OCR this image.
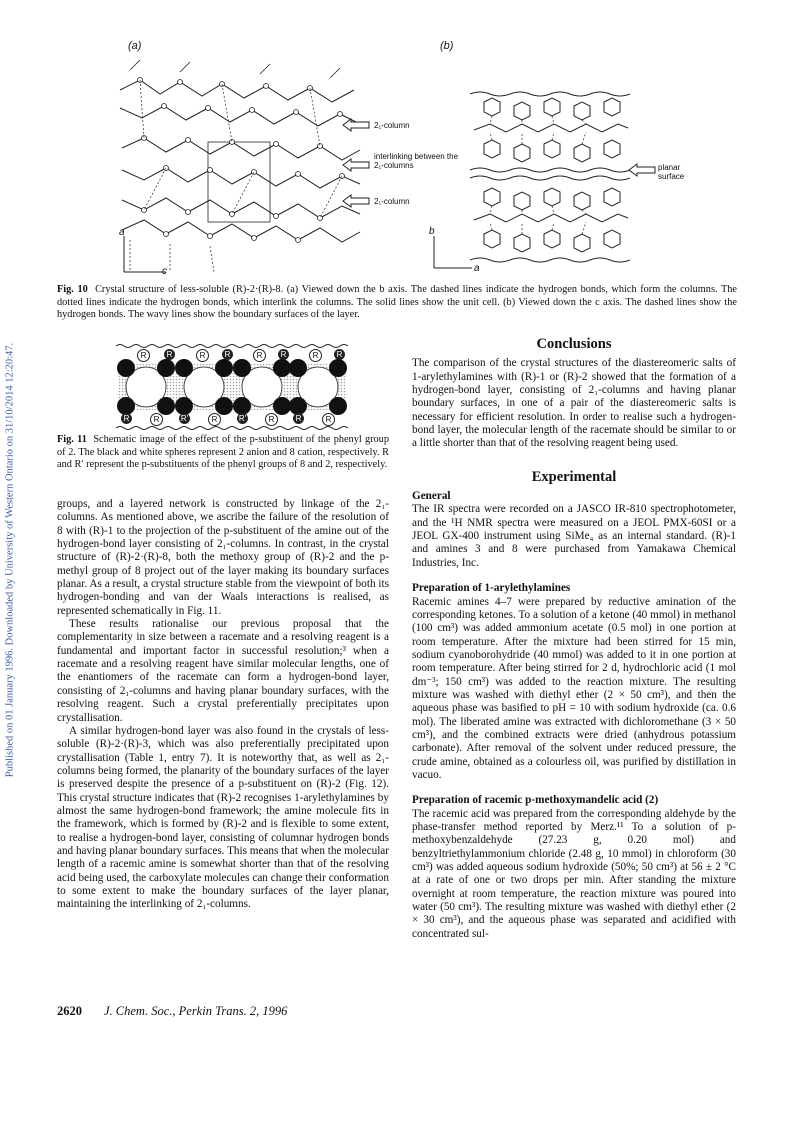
Published on 01 January 1996. Downloaded by University of Western Ontario on 31/10/2014 12:20:47.
(a)	(b)
a
c
2₁-column
interlinking between the 2₁-columns
2₁-column
planar surface
b
a
Fig. 10 Crystal structure of less-soluble (R)-2·(R)-8. (a) Viewed down the b axis. The dashed lines indicate the hydrogen bonds, which form the columns. The dotted lines indicate the hydrogen bonds, which interlink the columns. The solid lines show the unit cell. (b) Viewed down the c axis. The dashed lines show the hydrogen bonds. The wavy lines show the boundary surfaces of the layer.
R	R	R	R	R	R	R	R
R	R	R'	R	R'	R	R	R
Fig. 11 Schematic image of the effect of the p-substituent of the phenyl group of 2. The black and white spheres represent 2 anion and 8 cation, respectively. R and R′ represent the p-substituents of the phenyl groups of 8 and 2, respectively.

groups, and a layered network is constructed by linkage of the 2₁-columns. As mentioned above, we ascribe the failure of the resolution of 8 with (R)-1 to the projection of the p-substituent of the amine out of the hydrogen-bond layer consisting of 2₁-columns. In contrast, in the crystal structure of (R)-2·(R)-8, both the methoxy group of (R)-2 and the p-methyl group of 8 project out of the layer making its boundary surfaces planar. As a result, a crystal structure stable from the viewpoint of both its hydrogen-bonding and van der Waals interactions is realised, as represented schematically in Fig. 11.

These results rationalise our previous proposal that the complementarity in size between a racemate and a resolving reagent is a fundamental and important factor in successful resolution;³ when a racemate and a resolving reagent have similar molecular lengths, one of the enantiomers of the racemate can form a hydrogen-bond layer, consisting of 2₁-columns and having planar boundary surfaces, with the resolving reagent. Such a crystal preferentially precipitates upon crystallisation.

A similar hydrogen-bond layer was also found in the crystals of less-soluble (R)-2·(R)-3, which was also preferentially precipitated upon crystallisation (Table 1, entry 7). It is noteworthy that, as well as 2₁-columns being formed, the planarity of the boundary surfaces of the layer is preserved despite the presence of a p-substituent on (R)-2 (Fig. 12). This crystal structure indicates that (R)-2 recognises 1-arylethylamines by almost the same hydrogen-bond framework; the amine molecule fits in the framework, which is formed by (R)-2 and is flexible to some extent, to realise a hydrogen-bond layer, consisting of columnar hydrogen bonds and having planar boundary surfaces. This means that when the molecular length of a racemic amine is somewhat shorter than that of the resolving acid being used, the carboxylate molecules can change their conformation to some extent to make the boundary surfaces of the layer planar, maintaining the interlinking of 2₁-columns.

Conclusions

The comparison of the crystal structures of the diastereomeric salts of 1-arylethylamines with (R)-1 or (R)-2 showed that the formation of a hydrogen-bond layer, consisting of 2₁-columns and having planar boundary surfaces, in one of a pair of the diastereomeric salts is necessary for efficient resolution. In order to realise such a hydrogen-bond layer, the molecular length of the racemate should be similar to or a little shorter than that of the resolving reagent being used.

Experimental
General

The IR spectra were recorded on a JASCO IR-810 spectrophotometer, and the ¹H NMR spectra were measured on a JEOL PMX-60SI or a JEOL GX-400 instrument using SiMe₄ as an internal standard. (R)-1 and amines 3 and 8 were purchased from Yamakawa Chemical Industries, Inc.

Preparation of 1-arylethylamines

Racemic amines 4–7 were prepared by reductive amination of the corresponding ketones. To a solution of a ketone (40 mmol) in methanol (100 cm³) was added ammonium acetate (0.5 mol) in one portion at room temperature. After the mixture had been stirred for 15 min, sodium cyanoborohydride (40 mmol) was added to it in one portion at room temperature. After being stirred for 2 d, hydrochloric acid (1 mol dm⁻³; 150 cm³) was added to the reaction mixture. The resulting mixture was washed with diethyl ether (2 × 50 cm³), and then the aqueous phase was basified to pH = 10 with sodium hydroxide (ca. 0.6 mol). The liberated amine was extracted with dichloromethane (3 × 50 cm³), and the combined extracts were dried (anhydrous potassium carbonate). After removal of the solvent under reduced pressure, the crude amine, obtained as a colourless oil, was purified by distillation in vacuo.

Preparation of racemic p-methoxymandelic acid (2)

The racemic acid was prepared from the corresponding aldehyde by the phase-transfer method reported by Merz.¹¹ To a solution of p-methoxybenzaldehyde (27.23 g, 0.20 mol) and benzyltriethylammonium chloride (2.48 g, 10 mmol) in chloroform (30 cm³) was added aqueous sodium hydroxide (50%; 50 cm³) at 56 ± 2 °C at a rate of one or two drops per min. After standing the mixture overnight at room temperature, the reaction mixture was poured into water (50 cm³). The resulting mixture was washed with diethyl ether (2 × 30 cm³), and the aqueous phase was separated and acidified with concentrated sul-

2620 J. Chem. Soc., Perkin Trans. 2, 1996
